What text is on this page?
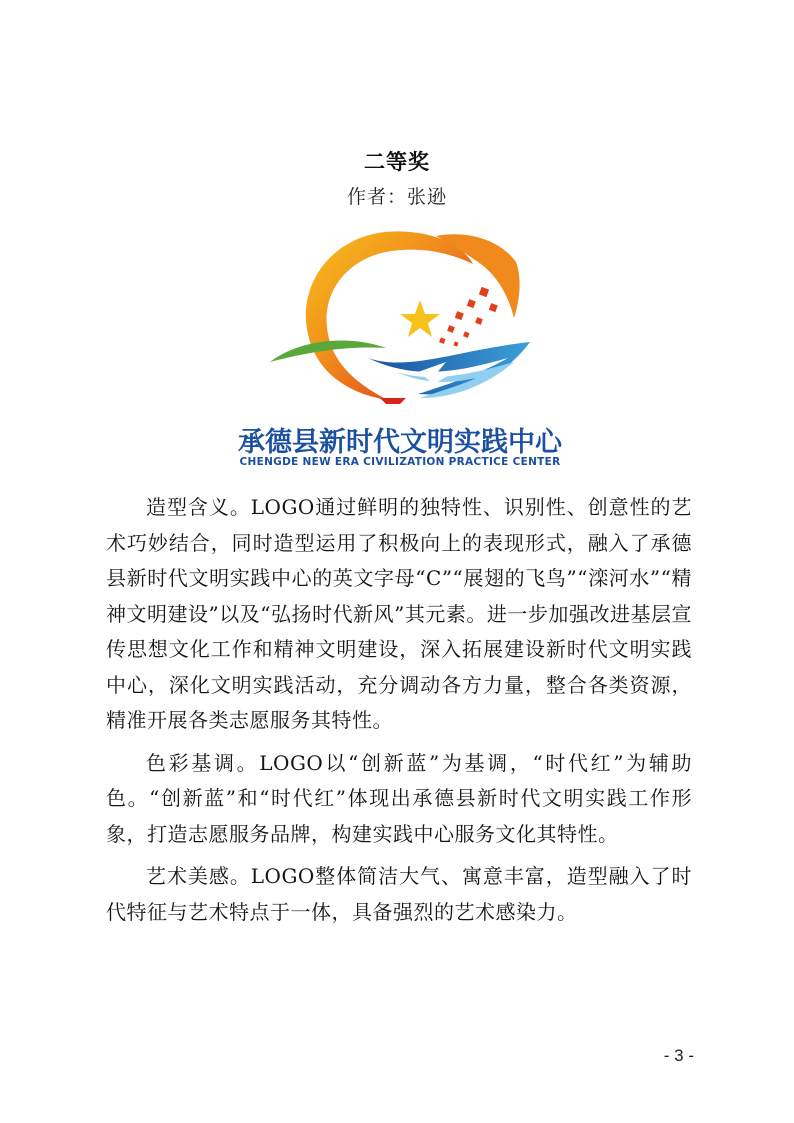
二等奖
作者：张逊
承德县新时代文明实践中心
CHENGDE NEW ERA CIVILIZATION PRACTICE CENTER

造型含义。LOGO通过鲜明的独特性、识别性、创意性的艺术巧妙结合，同时造型运用了积极向上的表现形式，融入了承德县新时代文明实践中心的英文字母“C”“展翅的飞鸟”“滦河水”“精神文明建设”以及“弘扬时代新风”其元素。进一步加强改进基层宣传思想文化工作和精神文明建设，深入拓展建设新时代文明实践中心，深化文明实践活动，充分调动各方力量，整合各类资源，精准开展各类志愿服务其特性。

色彩基调。LOGO以“创新蓝”为基调，“时代红”为辅助色。“创新蓝”和“时代红”体现出承德县新时代文明实践工作形象，打造志愿服务品牌，构建实践中心服务文化其特性。

艺术美感。LOGO整体简洁大气、寓意丰富，造型融入了时代特征与艺术特点于一体，具备强烈的艺术感染力。

- 3 -
